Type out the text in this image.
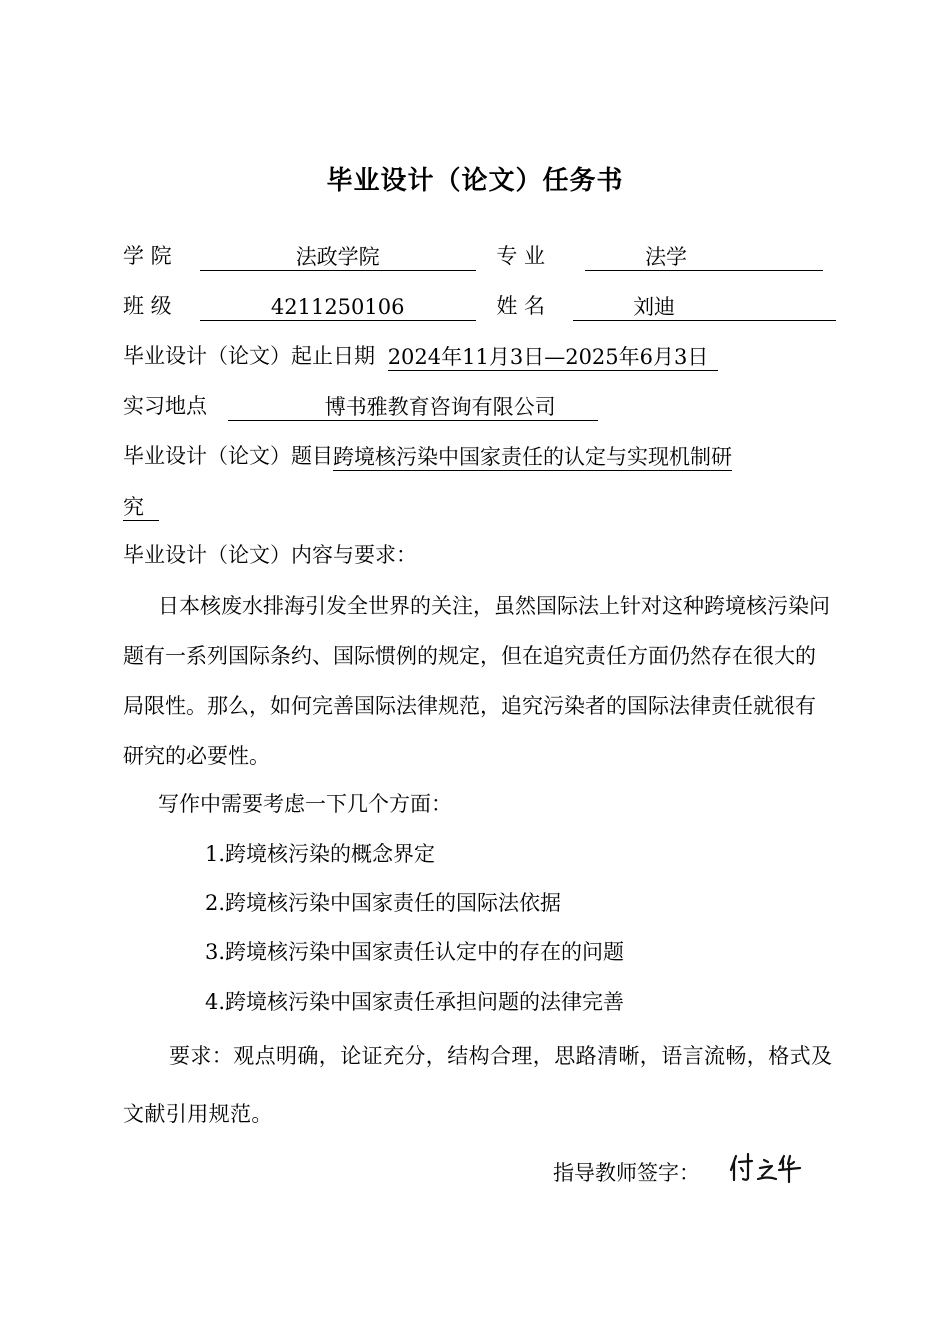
毕业设计（论文）任务书
学 院	法政学院	专 业	法学
班 级	4211250106	姓 名	刘迪
毕业设计（论文）起止日期 2024年11月3日—2025年6月3日
实习地点	博书雅教育咨询有限公司
毕业设计（论文）题目跨境核污染中国家责任的认定与实现机制研
究
毕业设计（论文）内容与要求：

日本核废水排海引发全世界的关注，虽然国际法上针对这种跨境核污染问题有一系列国际条约、国际惯例的规定，但在追究责任方面仍然存在很大的局限性。那么，如何完善国际法律规范，追究污染者的国际法律责任就很有研究的必要性。

写作中需要考虑一下几个方面：
1.跨境核污染的概念界定
2.跨境核污染中国家责任的国际法依据
3.跨境核污染中国家责任认定中的存在的问题
4.跨境核污染中国家责任承担问题的法律完善

要求：观点明确，论证充分，结构合理，思路清晰，语言流畅，格式及文献引用规范。

指导教师签字：
